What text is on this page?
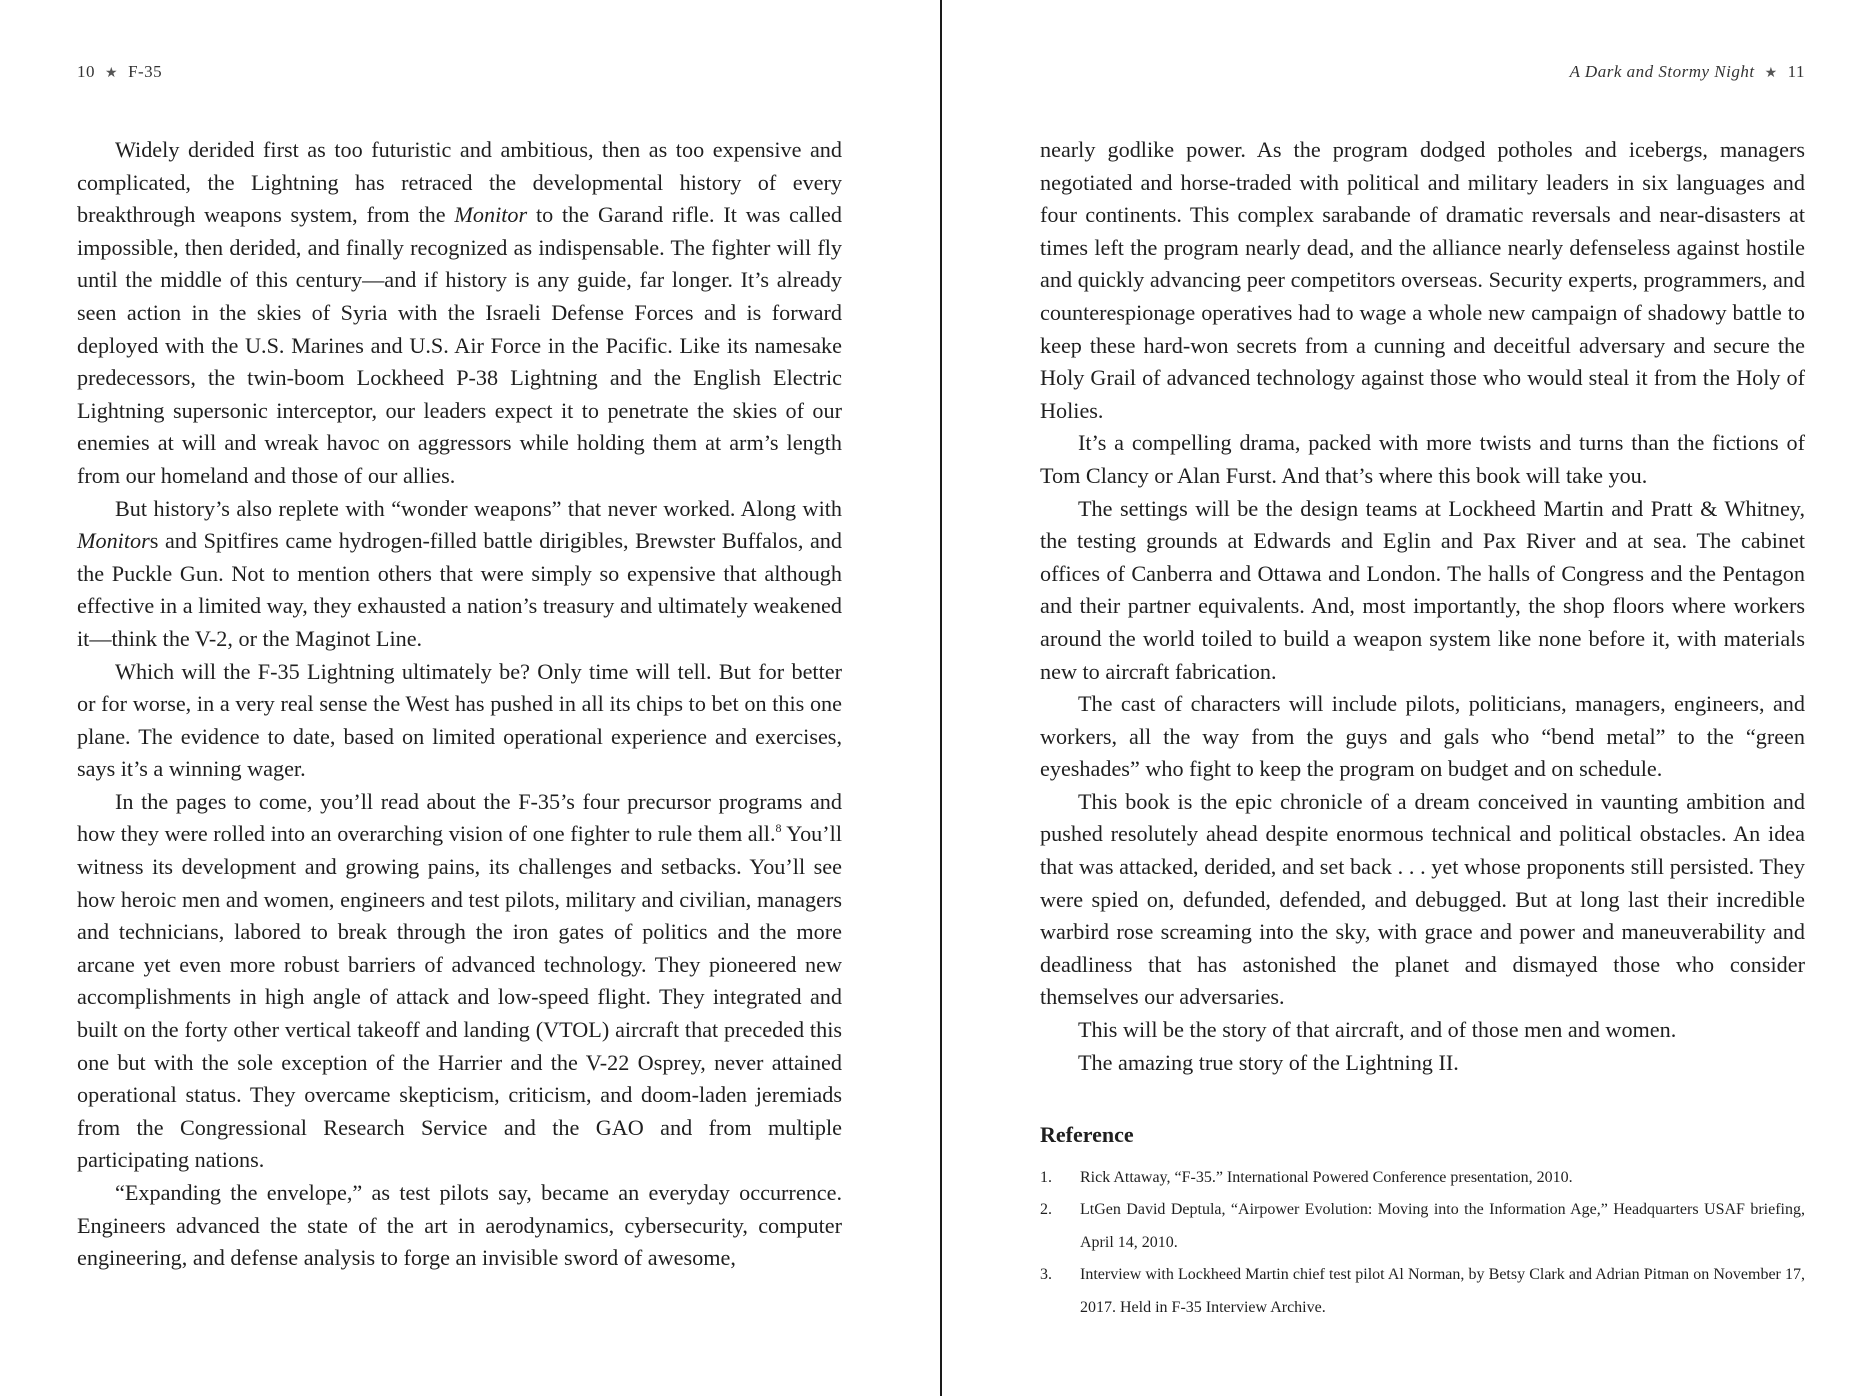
10 ★ F-35

Widely derided first as too futuristic and ambitious, then as too expensive and complicated, the Lightning has retraced the developmental history of every breakthrough weapons system, from the Monitor to the Garand rifle. It was called impossible, then derided, and finally recognized as indispensable. The fighter will fly until the middle of this century—and if history is any guide, far longer. It’s already seen action in the skies of Syria with the Israeli Defense Forces and is forward deployed with the U.S. Marines and U.S. Air Force in the Pacific. Like its namesake predecessors, the twin-boom Lockheed P-38 Lightning and the English Electric Lightning supersonic interceptor, our leaders expect it to penetrate the skies of our enemies at will and wreak havoc on aggressors while holding them at arm’s length from our homeland and those of our allies.

But history’s also replete with “wonder weapons” that never worked. Along with Monitors and Spitfires came hydrogen-filled battle dirigibles, Brewster Buffalos, and the Puckle Gun. Not to mention others that were simply so expensive that although effective in a limited way, they exhausted a nation’s treasury and ultimately weakened it—think the V-2, or the Maginot Line.

Which will the F-35 Lightning ultimately be? Only time will tell. But for better or for worse, in a very real sense the West has pushed in all its chips to bet on this one plane. The evidence to date, based on limited operational experience and exercises, says it’s a winning wager.

In the pages to come, you’ll read about the F-35’s four precursor programs and how they were rolled into an overarching vision of one fighter to rule them all.$^8$ You’ll witness its development and growing pains, its challenges and setbacks. You’ll see how heroic men and women, engineers and test pilots, military and civilian, managers and technicians, labored to break through the iron gates of politics and the more arcane yet even more robust barriers of advanced technology. They pioneered new accomplishments in high angle of attack and low-speed flight. They integrated and built on the forty other vertical takeoff and landing (VTOL) aircraft that preceded this one but with the sole exception of the Harrier and the V-22 Osprey, never attained operational status. They overcame skepticism, criticism, and doom-laden jeremiads from the Congressional Research Service and the GAO and from multiple participating nations.

“Expanding the envelope,” as test pilots say, became an everyday occurrence. Engineers advanced the state of the art in aerodynamics, cybersecurity, computer engineering, and defense analysis to forge an invisible sword of awesome,

A Dark and Stormy Night ★ 11

nearly godlike power. As the program dodged potholes and icebergs, managers negotiated and horse-traded with political and military leaders in six languages and four continents. This complex sarabande of dramatic reversals and near-disasters at times left the program nearly dead, and the alliance nearly defenseless against hostile and quickly advancing peer competitors overseas. Security experts, programmers, and counterespionage operatives had to wage a whole new campaign of shadowy battle to keep these hard-won secrets from a cunning and deceitful adversary and secure the Holy Grail of advanced technology against those who would steal it from the Holy of Holies.

It’s a compelling drama, packed with more twists and turns than the fictions of Tom Clancy or Alan Furst. And that’s where this book will take you.

The settings will be the design teams at Lockheed Martin and Pratt & Whitney, the testing grounds at Edwards and Eglin and Pax River and at sea. The cabinet offices of Canberra and Ottawa and London. The halls of Congress and the Pentagon and their partner equivalents. And, most importantly, the shop floors where workers around the world toiled to build a weapon system like none before it, with materials new to aircraft fabrication.

The cast of characters will include pilots, politicians, managers, engineers, and workers, all the way from the guys and gals who “bend metal” to the “green eyeshades” who fight to keep the program on budget and on schedule.

This book is the epic chronicle of a dream conceived in vaunting ambition and pushed resolutely ahead despite enormous technical and political obstacles. An idea that was attacked, derided, and set back . . . yet whose proponents still persisted. They were spied on, defunded, defended, and debugged. But at long last their incredible warbird rose screaming into the sky, with grace and power and maneuverability and deadliness that has astonished the planet and dismayed those who consider themselves our adversaries.

This will be the story of that aircraft, and of those men and women.

The amazing true story of the Lightning II.

Reference
1. Rick Attaway, “F-35.” International Powered Conference presentation, 2010.
2. LtGen David Deptula, “Airpower Evolution: Moving into the Information Age,” Headquarters USAF briefing, April 14, 2010.
3. Interview with Lockheed Martin chief test pilot Al Norman, by Betsy Clark and Adrian Pitman on November 17, 2017. Held in F-35 Interview Archive.
